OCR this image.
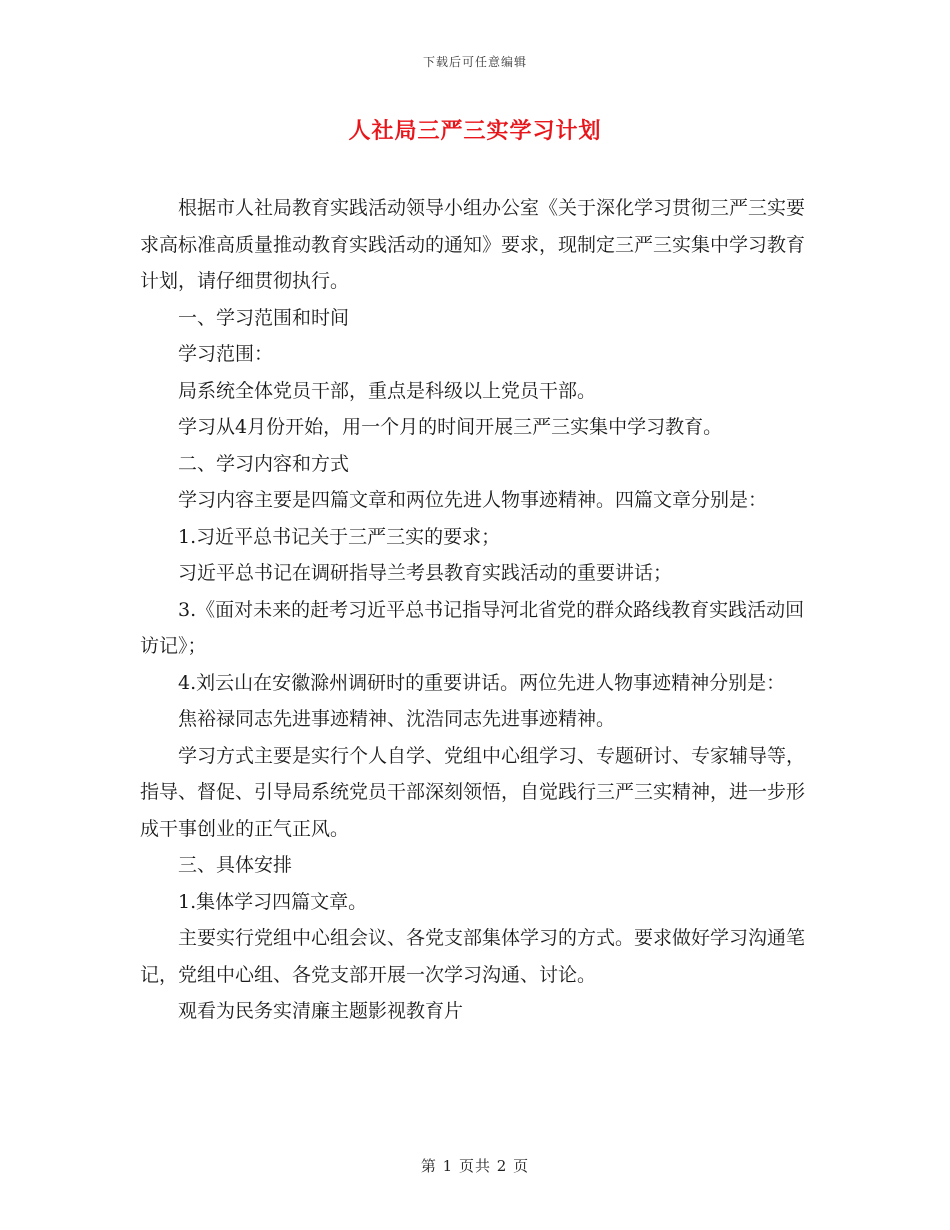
下载后可任意编辑
人社局三严三实学习计划

根据市人社局教育实践活动领导小组办公室《关于深化学习贯彻三严三实要求高标准高质量推动教育实践活动的通知》要求，现制定三严三实集中学习教育计划，请仔细贯彻执行。

一、学习范围和时间

学习范围：

局系统全体党员干部，重点是科级以上党员干部。

学习从4月份开始，用一个月的时间开展三严三实集中学习教育。

二、学习内容和方式

学习内容主要是四篇文章和两位先进人物事迹精神。四篇文章分别是：

1.习近平总书记关于三严三实的要求；

习近平总书记在调研指导兰考县教育实践活动的重要讲话；

3.《面对未来的赶考习近平总书记指导河北省党的群众路线教育实践活动回访记》；

4.刘云山在安徽滁州调研时的重要讲话。两位先进人物事迹精神分别是：

焦裕禄同志先进事迹精神、沈浩同志先进事迹精神。

学习方式主要是实行个人自学、党组中心组学习、专题研讨、专家辅导等，指导、督促、引导局系统党员干部深刻领悟，自觉践行三严三实精神，进一步形成干事创业的正气正风。

三、具体安排

1.集体学习四篇文章。

主要实行党组中心组会议、各党支部集体学习的方式。要求做好学习沟通笔记，党组中心组、各党支部开展一次学习沟通、讨论。

观看为民务实清廉主题影视教育片

第 1 页共 2 页
